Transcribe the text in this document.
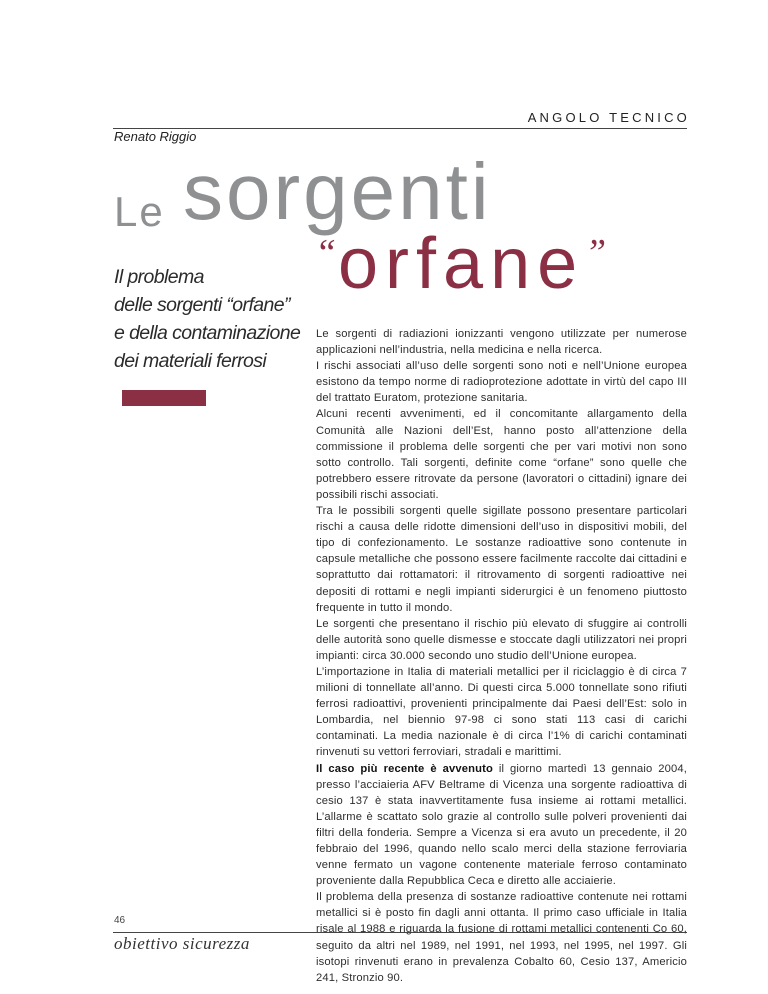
ANGOLO TECNICO
Renato Riggio
Le sorgenti
“ orfane ”
Il problema
delle sorgenti “orfane”
e della contaminazione
dei materiali ferrosi

Le sorgenti di radiazioni ionizzanti vengono utilizzate per numerose applicazioni nell’industria, nella medicina e nella ricerca.

I rischi associati all’uso delle sorgenti sono noti e nell’Unione europea esistono da tempo norme di radioprotezione adottate in virtù del capo III del trattato Euratom, protezione sanitaria.

Alcuni recenti avvenimenti, ed il concomitante allargamento della Comunità alle Nazioni dell’Est, hanno posto all’attenzione della commissione il problema delle sorgenti che per vari motivi non sono sotto controllo. Tali sorgenti, definite come “orfane” sono quelle che potrebbero essere ritrovate da persone (lavoratori o cittadini) ignare dei possibili rischi associati.

Tra le possibili sorgenti quelle sigillate possono presentare particolari rischi a causa delle ridotte dimensioni dell’uso in dispositivi mobili, del tipo di confezionamento. Le sostanze radioattive sono contenute in capsule metalliche che possono essere facilmente raccolte dai cittadini e soprattutto dai rottamatori: il ritrovamento di sorgenti radioattive nei depositi di rottami e negli impianti siderurgici è un fenomeno piuttosto frequente in tutto il mondo.

Le sorgenti che presentano il rischio più elevato di sfuggire ai controlli delle autorità sono quelle dismesse e stoccate dagli utilizzatori nei propri impianti: circa 30.000 secondo uno studio dell’Unione europea.

L’importazione in Italia di materiali metallici per il riciclaggio è di circa 7 milioni di tonnellate all’anno. Di questi circa 5.000 tonnellate sono rifiuti ferrosi radioattivi, provenienti principalmente dai Paesi dell’Est: solo in Lombardia, nel biennio 97-98 ci sono stati 113 casi di carichi contaminati. La media nazionale è di circa l’1% di carichi contaminati rinvenuti su vettori ferroviari, stradali e marittimi.

Il caso più recente è avvenuto il giorno martedì 13 gennaio 2004, presso l’acciaieria AFV Beltrame di Vicenza una sorgente radioattiva di cesio 137 è stata inavvertitamente fusa insieme ai rottami metallici. L’allarme è scattato solo grazie al controllo sulle polveri provenienti dai filtri della fonderia. Sempre a Vicenza si era avuto un precedente, il 20 febbraio del 1996, quando nello scalo merci della stazione ferroviaria venne fermato un vagone contenente materiale ferroso contaminato proveniente dalla Repubblica Ceca e diretto alle acciaierie.

Il problema della presenza di sostanze radioattive contenute nei rottami metallici si è posto fin dagli anni ottanta. Il primo caso ufficiale in Italia risale al 1988 e riguarda la fusione di rottami metallici contenenti Co 60, seguito da altri nel 1989, nel 1991, nel 1993, nel 1995, nel 1997. Gli isotopi rinvenuti erano in prevalenza Cobalto 60, Cesio 137, Americio 241, Stronzio 90.

46
obiettivo sicurezza
